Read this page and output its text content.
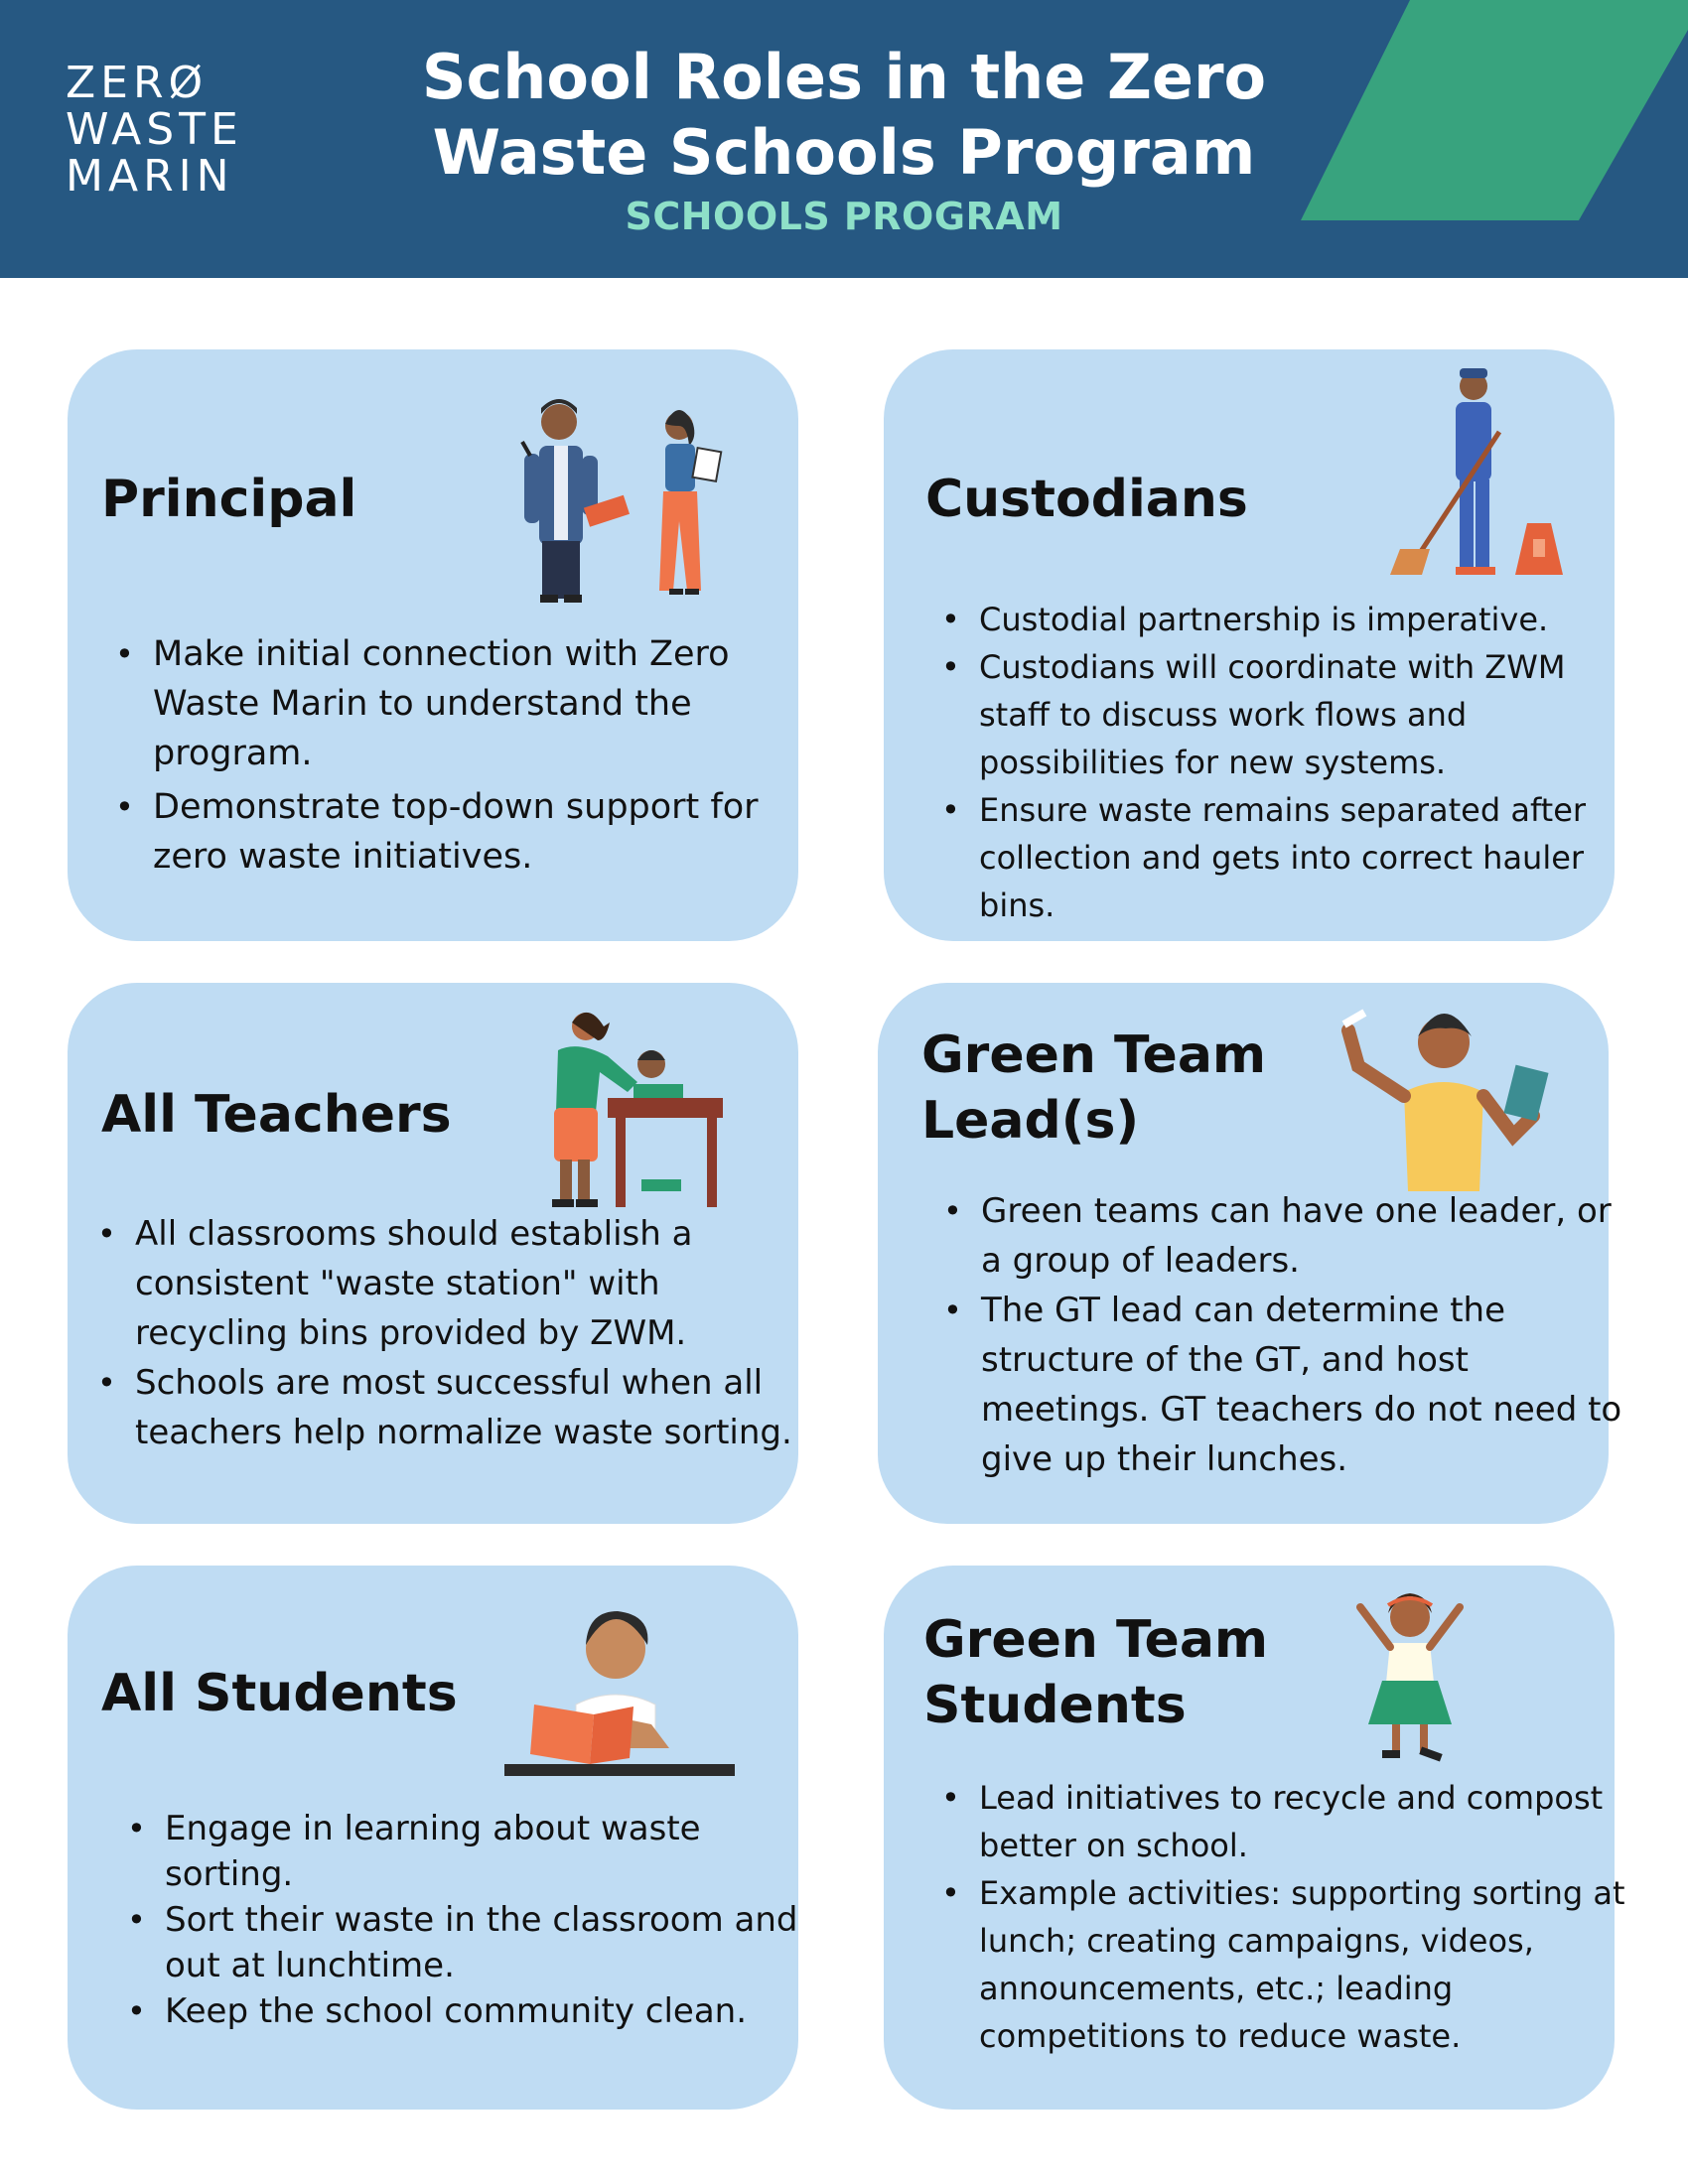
ZERØ
WASTE
MARIN
School Roles in the Zero
Waste Schools Program
SCHOOLS PROGRAM
Principal
• Make initial connection with Zero Waste Marin to understand the program.
• Demonstrate top-down support for zero waste initiatives.
Custodians
• Custodial partnership is imperative.
• Custodians will coordinate with ZWM staff to discuss work flows and possibilities for new systems.
• Ensure waste remains separated after collection and gets into correct hauler bins.
All Teachers
• All classrooms should establish a consistent "waste station" with recycling bins provided by ZWM.
• Schools are most successful when all teachers help normalize waste sorting.
Green Team
Lead(s)
• Green teams can have one leader, or a group of leaders.
• The GT lead can determine the structure of the GT, and host meetings. GT teachers do not need to give up their lunches.
All Students
• Engage in learning about waste sorting.
• Sort their waste in the classroom and out at lunchtime.
• Keep the school community clean.
Green Team
Students
• Lead initiatives to recycle and compost better on school.
• Example activities: supporting sorting at lunch; creating campaigns, videos, announcements, etc.; leading competitions to reduce waste.
